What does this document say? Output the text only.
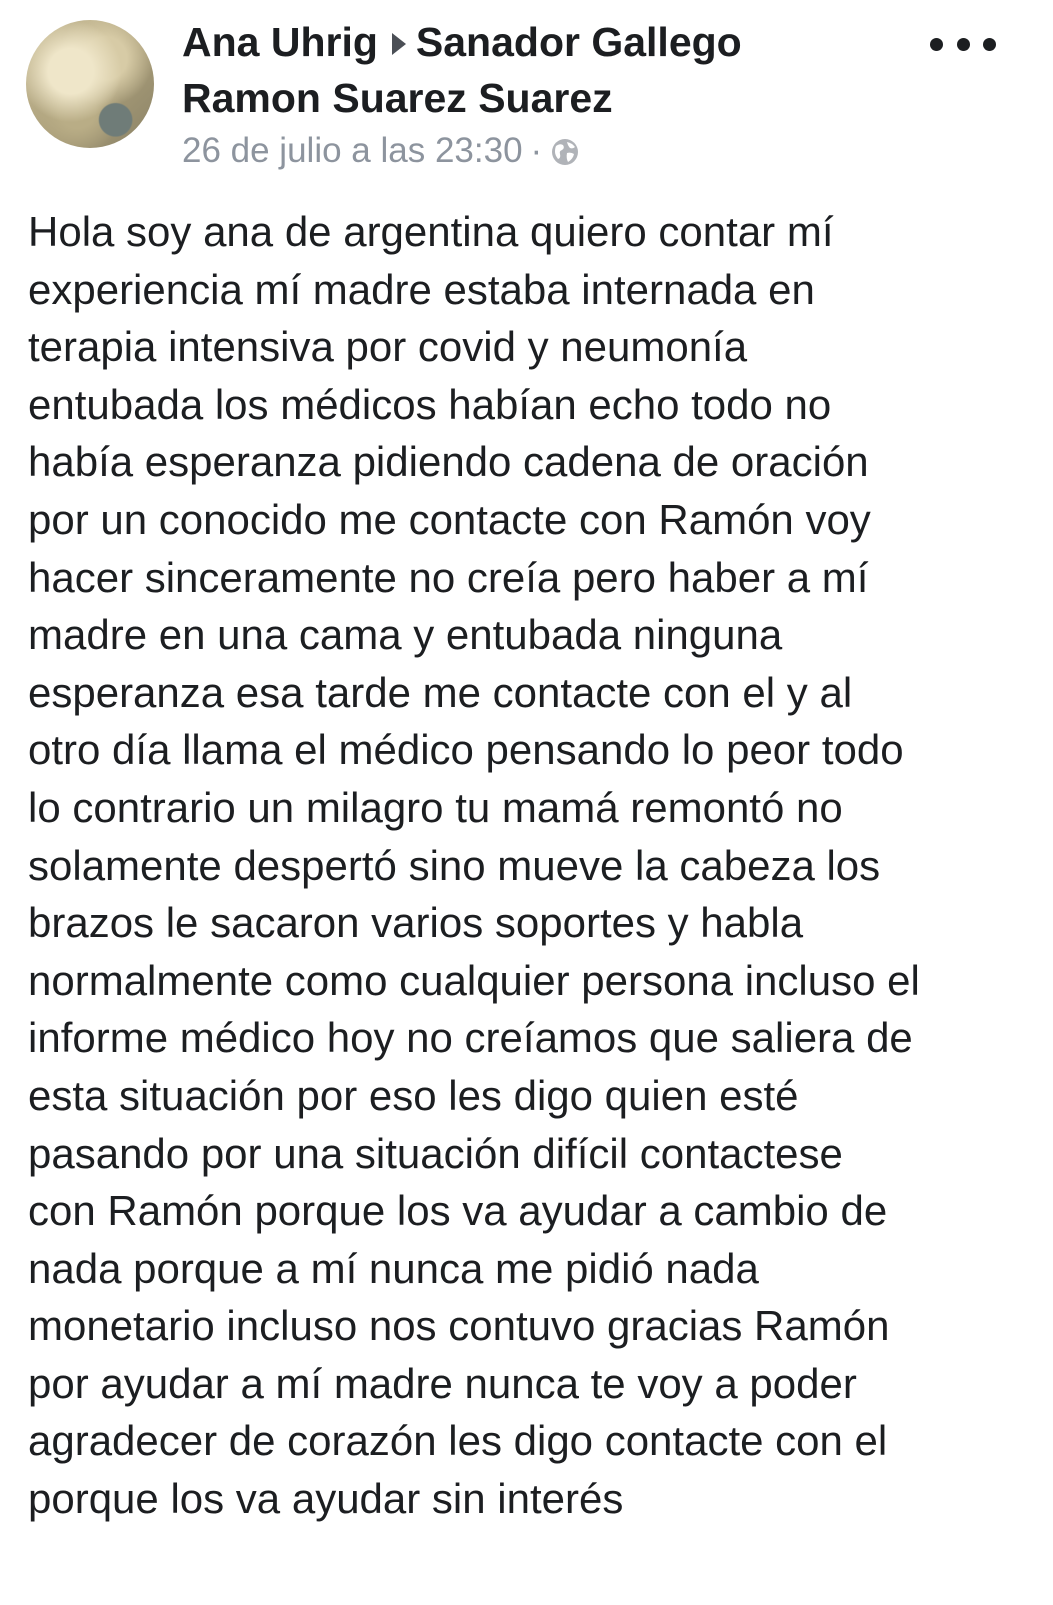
Ana Uhrig Sanador Gallego
Ramon Suarez Suarez
26 de julio a las 23:30 ·
Hola soy ana de argentina quiero contar mí
experiencia mí madre estaba internada en
terapia intensiva por covid y neumonía
entubada los médicos habían echo todo no
había esperanza pidiendo cadena de oración
por un conocido me contacte con Ramón voy
hacer sinceramente no creía pero haber a mí
madre en una cama y entubada ninguna
esperanza esa tarde me contacte con el y al
otro día llama el médico pensando lo peor todo
lo contrario un milagro tu mamá remontó no
solamente despertó sino mueve la cabeza los
brazos le sacaron varios soportes y habla
normalmente como cualquier persona incluso el
informe médico hoy no creíamos que saliera de
esta situación por eso les digo quien esté
pasando por una situación difícil contactese
con Ramón porque los va ayudar a cambio de
nada porque a mí nunca me pidió nada
monetario incluso nos contuvo gracias Ramón
por ayudar a mí madre nunca te voy a poder
agradecer de corazón les digo contacte con el
porque los va ayudar sin interés
